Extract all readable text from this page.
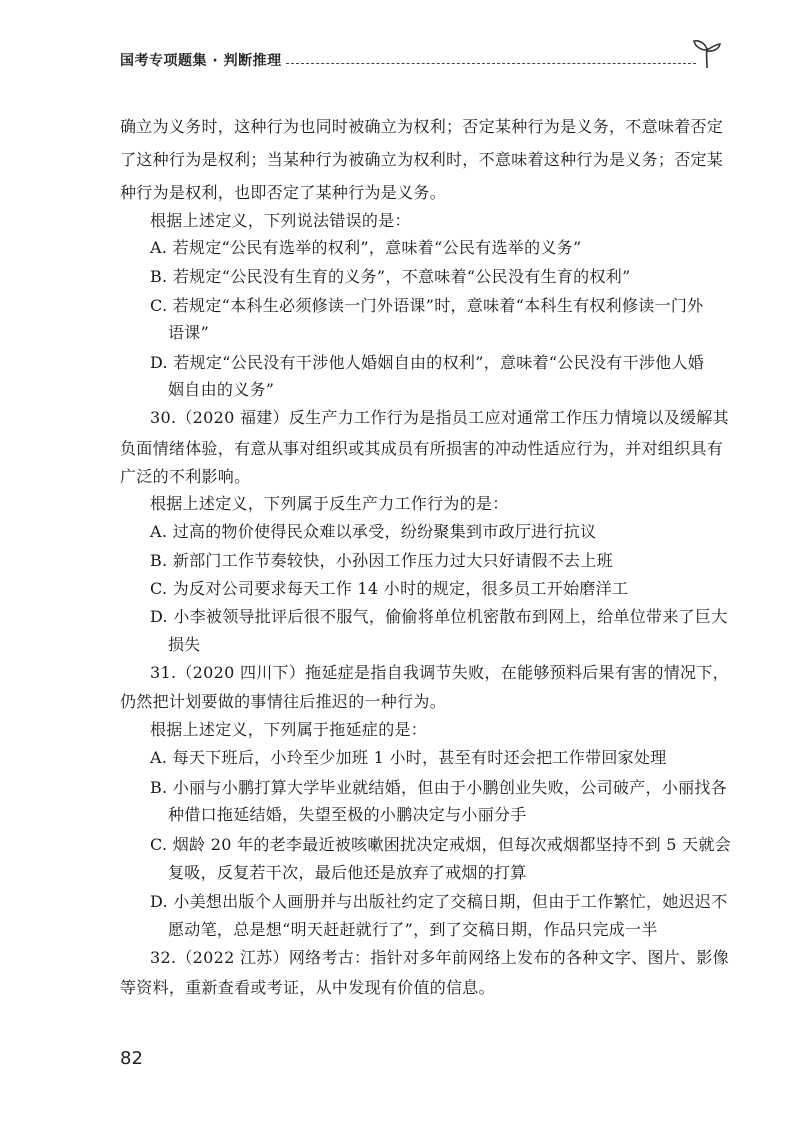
国考专项题集 · 判断推理
确立为义务时，这种行为也同时被确立为权利；否定某种行为是义务，不意味着否定
了这种行为是权利；当某种行为被确立为权利时，不意味着这种行为是义务；否定某
种行为是权利，也即否定了某种行为是义务。
根据上述定义，下列说法错误的是：
A. 若规定“公民有选举的权利”，意味着“公民有选举的义务”
B. 若规定“公民没有生育的义务”，不意味着“公民没有生育的权利”
C. 若规定“本科生必须修读一门外语课”时，意味着“本科生有权利修读一门外
语课”
D. 若规定“公民没有干涉他人婚姻自由的权利”，意味着“公民没有干涉他人婚
姻自由的义务”
30.（2020 福建）反生产力工作行为是指员工应对通常工作压力情境以及缓解其
负面情绪体验，有意从事对组织或其成员有所损害的冲动性适应行为，并对组织具有
广泛的不利影响。
根据上述定义，下列属于反生产力工作行为的是：
A. 过高的物价使得民众难以承受，纷纷聚集到市政厅进行抗议
B. 新部门工作节奏较快，小孙因工作压力过大只好请假不去上班
C. 为反对公司要求每天工作 14 小时的规定，很多员工开始磨洋工
D. 小李被领导批评后很不服气，偷偷将单位机密散布到网上，给单位带来了巨大
损失
31.（2020 四川下）拖延症是指自我调节失败，在能够预料后果有害的情况下，
仍然把计划要做的事情往后推迟的一种行为。
根据上述定义，下列属于拖延症的是：
A. 每天下班后，小玲至少加班 1 小时，甚至有时还会把工作带回家处理
B. 小丽与小鹏打算大学毕业就结婚，但由于小鹏创业失败，公司破产，小丽找各
种借口拖延结婚，失望至极的小鹏决定与小丽分手
C. 烟龄 20 年的老李最近被咳嗽困扰决定戒烟，但每次戒烟都坚持不到 5 天就会
复吸，反复若干次，最后他还是放弃了戒烟的打算
D. 小美想出版个人画册并与出版社约定了交稿日期，但由于工作繁忙，她迟迟不
愿动笔，总是想“明天赶赶就行了”，到了交稿日期，作品只完成一半
32.（2022 江苏）网络考古：指针对多年前网络上发布的各种文字、图片、影像
等资料，重新查看或考证，从中发现有价值的信息。
82
